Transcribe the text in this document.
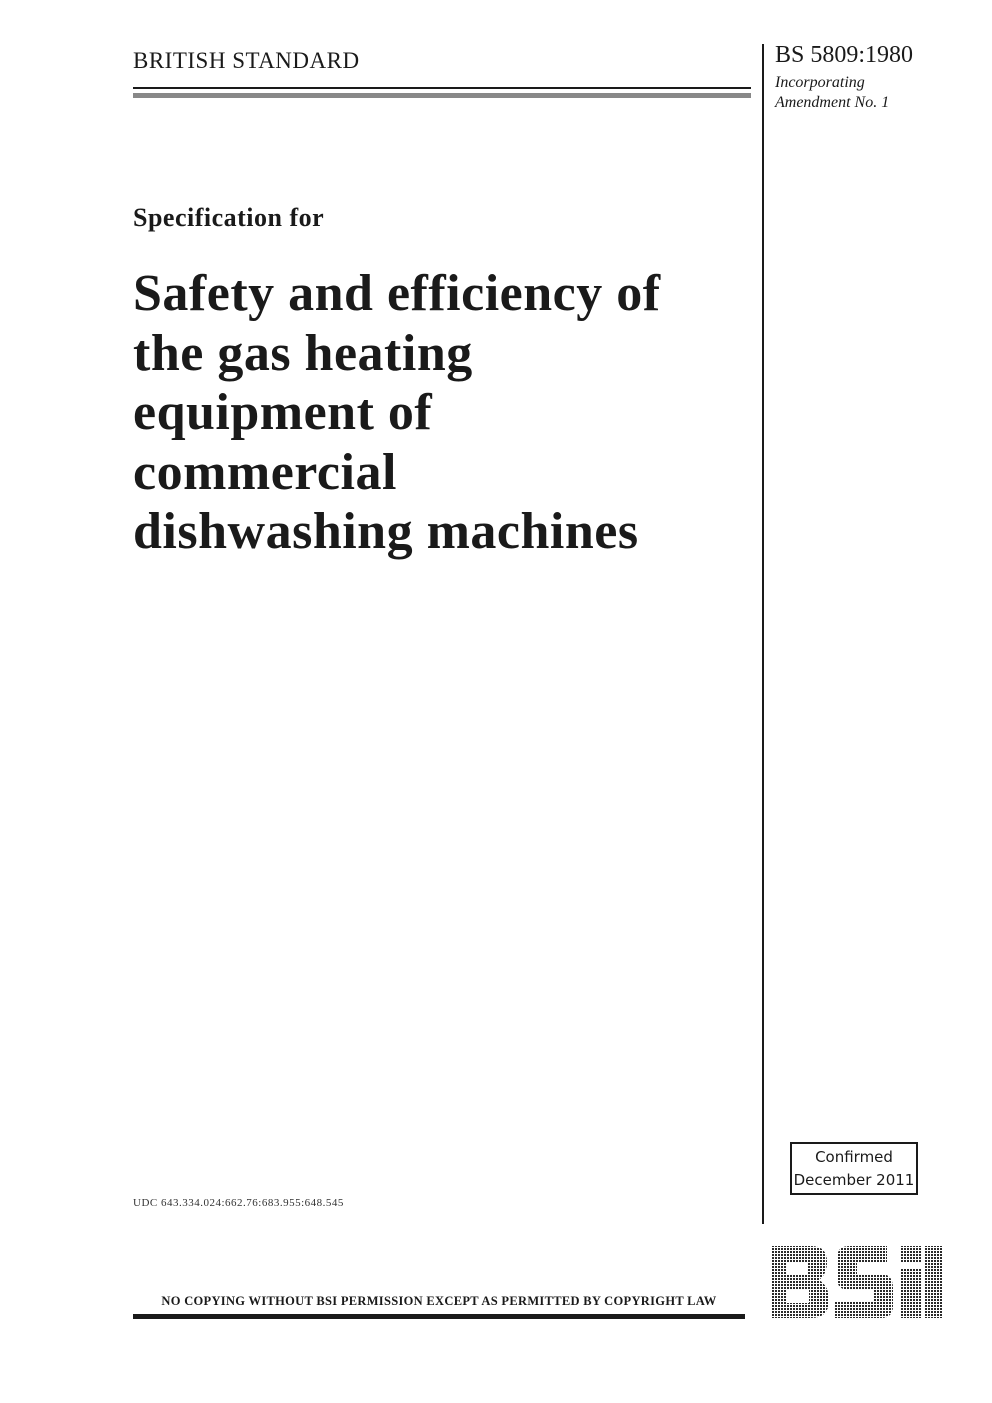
BRITISH STANDARD	BS 5809:1980
Incorporating
Amendment No. 1
Specification for
Safety and efficiency of
the gas heating
equipment of
commercial
dishwashing machines
UDC 643.334.024:662.76:683.955:648.545
Confirmed
December 2011
NO COPYING WITHOUT BSI PERMISSION EXCEPT AS PERMITTED BY COPYRIGHT LAW
